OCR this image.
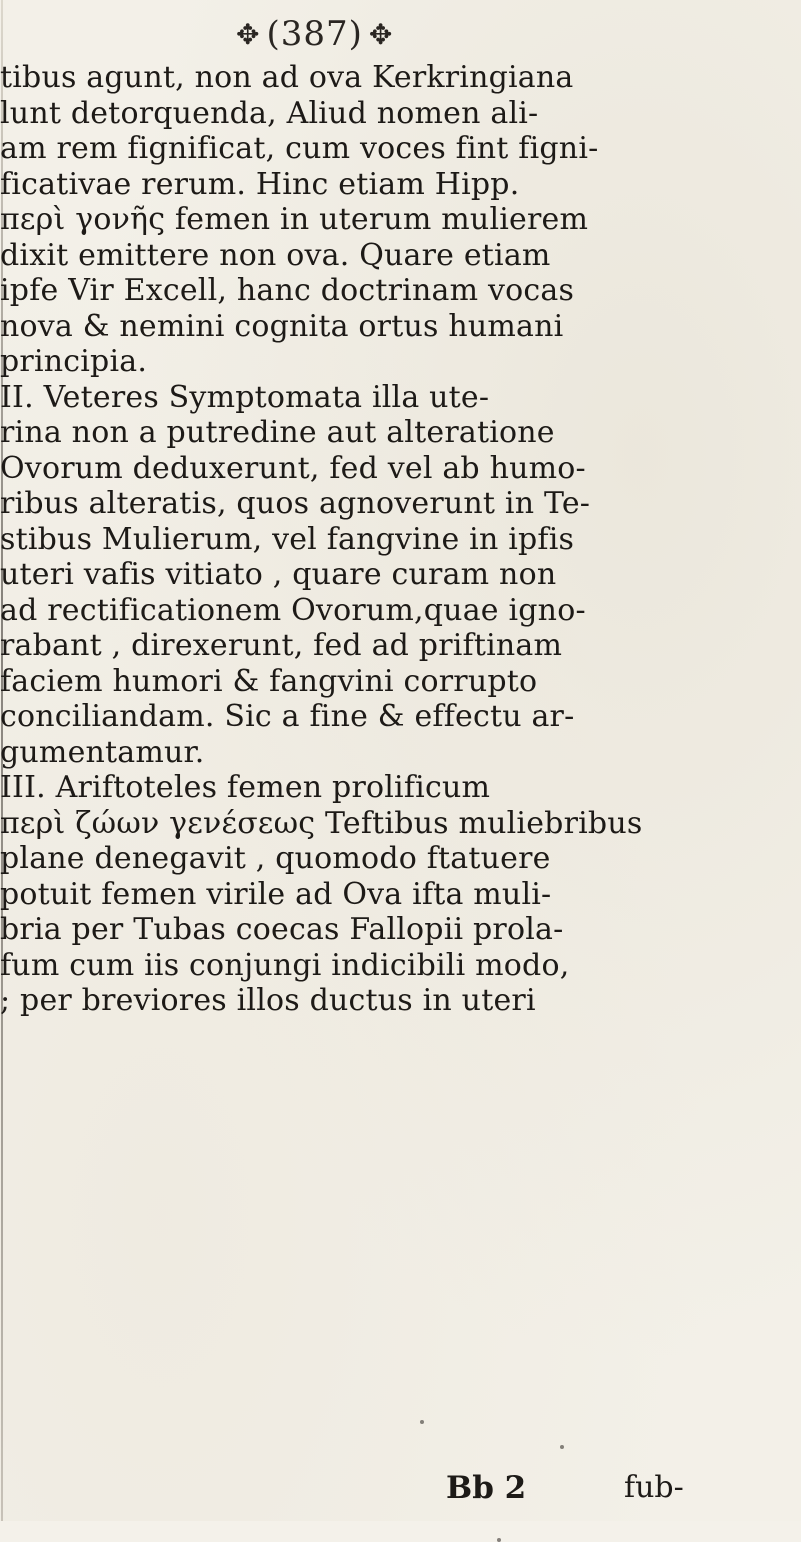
✥ (387) ✥
tibus agunt, non ad ova Kerkringiana
lunt detorquenda, Aliud nomen ali-
am rem fignificat, cum voces fint figni-
ficativae rerum. Hinc etiam Hipp.
περὶ γονῆς femen in uterum mulierem
dixit emittere non ova. Quare etiam
ipfe Vir Excell, hanc doctrinam vocas
nova & nemini cognita ortus humani
principia.
II. Veteres Symptomata illa ute-
rina non a putredine aut alteratione
Ovorum deduxerunt, fed vel ab humo-
ribus alteratis, quos agnoverunt in Te-
stibus Mulierum, vel fangvine in ipfis
uteri vafis vitiato , quare curam non
ad rectificationem Ovorum,quae igno-
rabant , direxerunt, fed ad priftinam
faciem humori & fangvini corrupto
conciliandam. Sic a fine & effectu ar-
gumentamur.
III. Ariftoteles femen prolificum
περὶ ζώων γενέσεως Teftibus muliebribus
plane denegavit , quomodo ftatuere
potuit femen virile ad Ova ifta muli-
bria per Tubas coecas Fallopii prola-
fum cum iis conjungi indicibili modo,
; per breviores illos ductus in uteri
Bb 2	fub-
